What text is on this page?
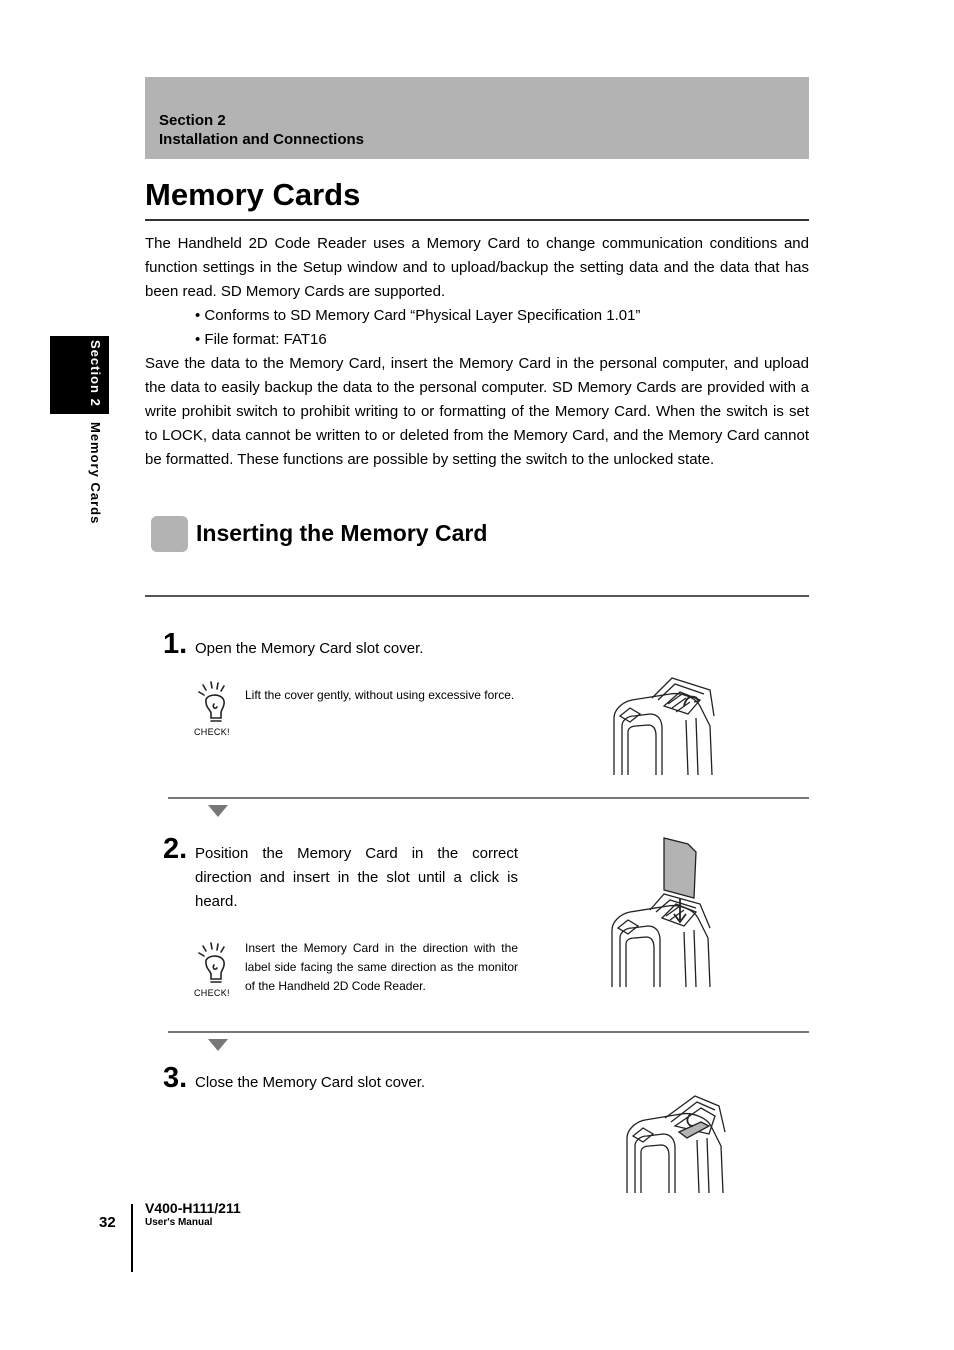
Section 2
Installation and Connections
Memory Cards
The Handheld 2D Code Reader uses a Memory Card to change communication conditions and function settings in the Setup window and to upload/backup the setting data and the data that has been read. SD Memory Cards are supported.
• Conforms to SD Memory Card “Physical Layer Specification 1.01”
• File format: FAT16
Save the data to the Memory Card, insert the Memory Card in the personal computer, and upload the data to easily backup the data to the personal computer. SD Memory Cards are provided with a write prohibit switch to prohibit writing to or formatting of the Memory Card. When the switch is set to LOCK, data cannot be written to or deleted from the Memory Card, and the Memory Card cannot be formatted. These functions are possible by setting the switch to the unlocked state.
Section 2
Memory Cards
Inserting the Memory Card
1. Open the Memory Card slot cover.
CHECK!
Lift the cover gently, without using excessive force.
2. Position the Memory Card in the correct direction and insert in the slot until a click is heard.
CHECK!
Insert the Memory Card in the direction with the label side facing the same direction as the monitor of the Handheld 2D Code Reader.
3. Close the Memory Card slot cover.
32
V400-H111/211
User's Manual
